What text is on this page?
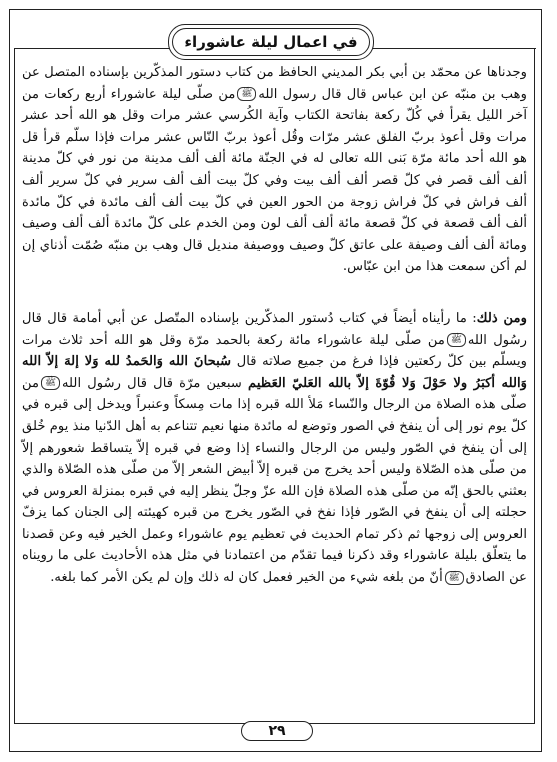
في اعمال ليلة عاشوراء

وجدناها عن محمّد بن أبي بكر المديني الحافظ من كتاب دستور المذكّرين بإسناده المتصل عن وهب بن منبّه عن ابن عباس قال قال رسول اللهﷺمن صلّى ليلة عاشوراء أربع ركعات من آخر الليل يقرأ في كُلّ ركعة بفاتحة الكتاب وآية الكُرسي عشر مرات وقل هو الله أحد عشر مرات وقل أعوذ بربّ الفلق عشر مرّات وقُل أعوذ بربّ النّاس عشر مرات فإذا سلّم قرأ قل هو الله أحد مائة مرّة بَنى الله تعالى له في الجنّة مائة ألف ألف مدينة من نور في كلّ مدينة ألف ألف قصر في كلّ قصر ألف ألف بيت وفي كلّ بيت ألف ألف سرير في كلّ سرير ألف ألف فراش في كلّ فراش زوجة من الحور العين في كلّ بيت ألف ألف مائدة في كلّ مائدة ألف ألف قصعة في كلّ قصعة مائة ألف ألف لون ومن الخدم على كلّ مائدة ألف ألف وصيف ومائة ألف ألف وصيفة على عاتق كلّ وصيف ووصيفة منديل قال وهب بن منبّه صُمّت أذناي إن لم أكن سمعت هذا من ابن عبّاس.

ومن ذلك: ما رأيناه أيضاً في كتاب دُستور المذكّرين بإسناده المتّصل عن أبي أمامة قال قال رسُول اللهﷺمن صلّى ليلة عاشوراء مائة ركعة بالحمد مرّة وقل هو الله أحد ثلاث مرات ويسلّم بين كلّ ركعتين فإذا فرغ من جميع صلاته قال سُبحانَ الله وَالحَمدُ لله وَلا إلهَ إلاّ الله وَالله أكبَرُ ولا حَوْلَ وَلا قُوّةَ إلاّ بالله العَليّ العَظيم سبعين مرّة قال قال رسُول اللهﷺمن صلّى هذه الصلاة من الرجال والنّساء مَلأ الله قبره إذا مات مِسكاً وعنبراً ويدخل إلى قبره في كلّ يوم نور إلى أن ينفخ في الصور وتوضع له مائدة منها نعيم تتناعم به أهل الدّنيا منذ يوم خُلق إلى أن ينفخ في الصّور وليس من الرجال والنساء إذا وضع في قبره إلاّ يتساقط شعورهم إلاّ من صلّى هذه الصّلاة وليس أحد يخرج من قبره إلاّ أبيض الشعر إلاّ من صلّى هذه الصّلاة والذي بعثني بالحق إنّه من صلّى هذه الصلاة فإن الله عزّ وجلّ ينظر إليه في قبره بمنزلة العروس في حجلته إلى أن ينفخ في الصّور فإذا نفخ في الصّور يخرج من قبره كهيئته إلى الجنان كما يزفّ العروس إلى زوجها ثم ذكر تمام الحديث في تعظيم يوم عاشوراء وعمل الخير فيه وعن قصدنا ما يتعلّق بليلة عاشوراء وقد ذكرنا فيما تقدّم من اعتمادنا في مثل هذه الأحاديث على ما رويناه عن الصادقﷺأنّ من بلغه شيء من الخير فعمل كان له ذلك وإن لم يكن الأمر كما بلغه.

٢٩
